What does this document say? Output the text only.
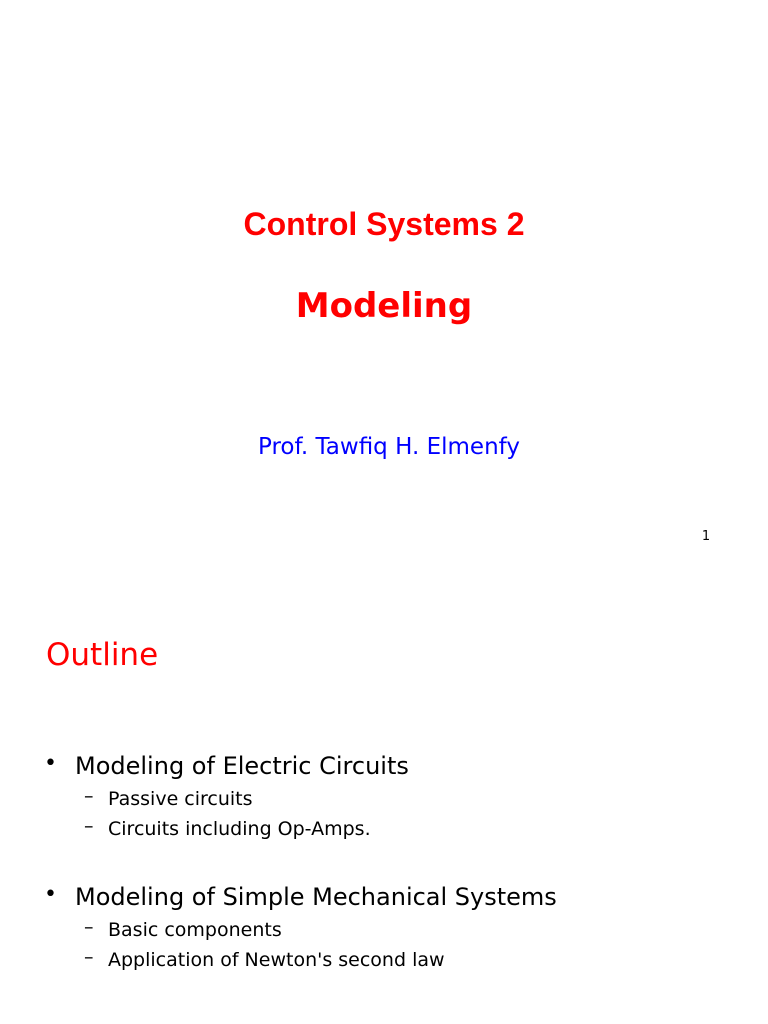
Control Systems 2
Modeling
Prof. Tawfiq H. Elmenfy
1
Outline
• Modeling of Electric Circuits
– Passive circuits
– Circuits including Op-Amps.
• Modeling of Simple Mechanical Systems
– Basic components
– Application of Newton's second law
